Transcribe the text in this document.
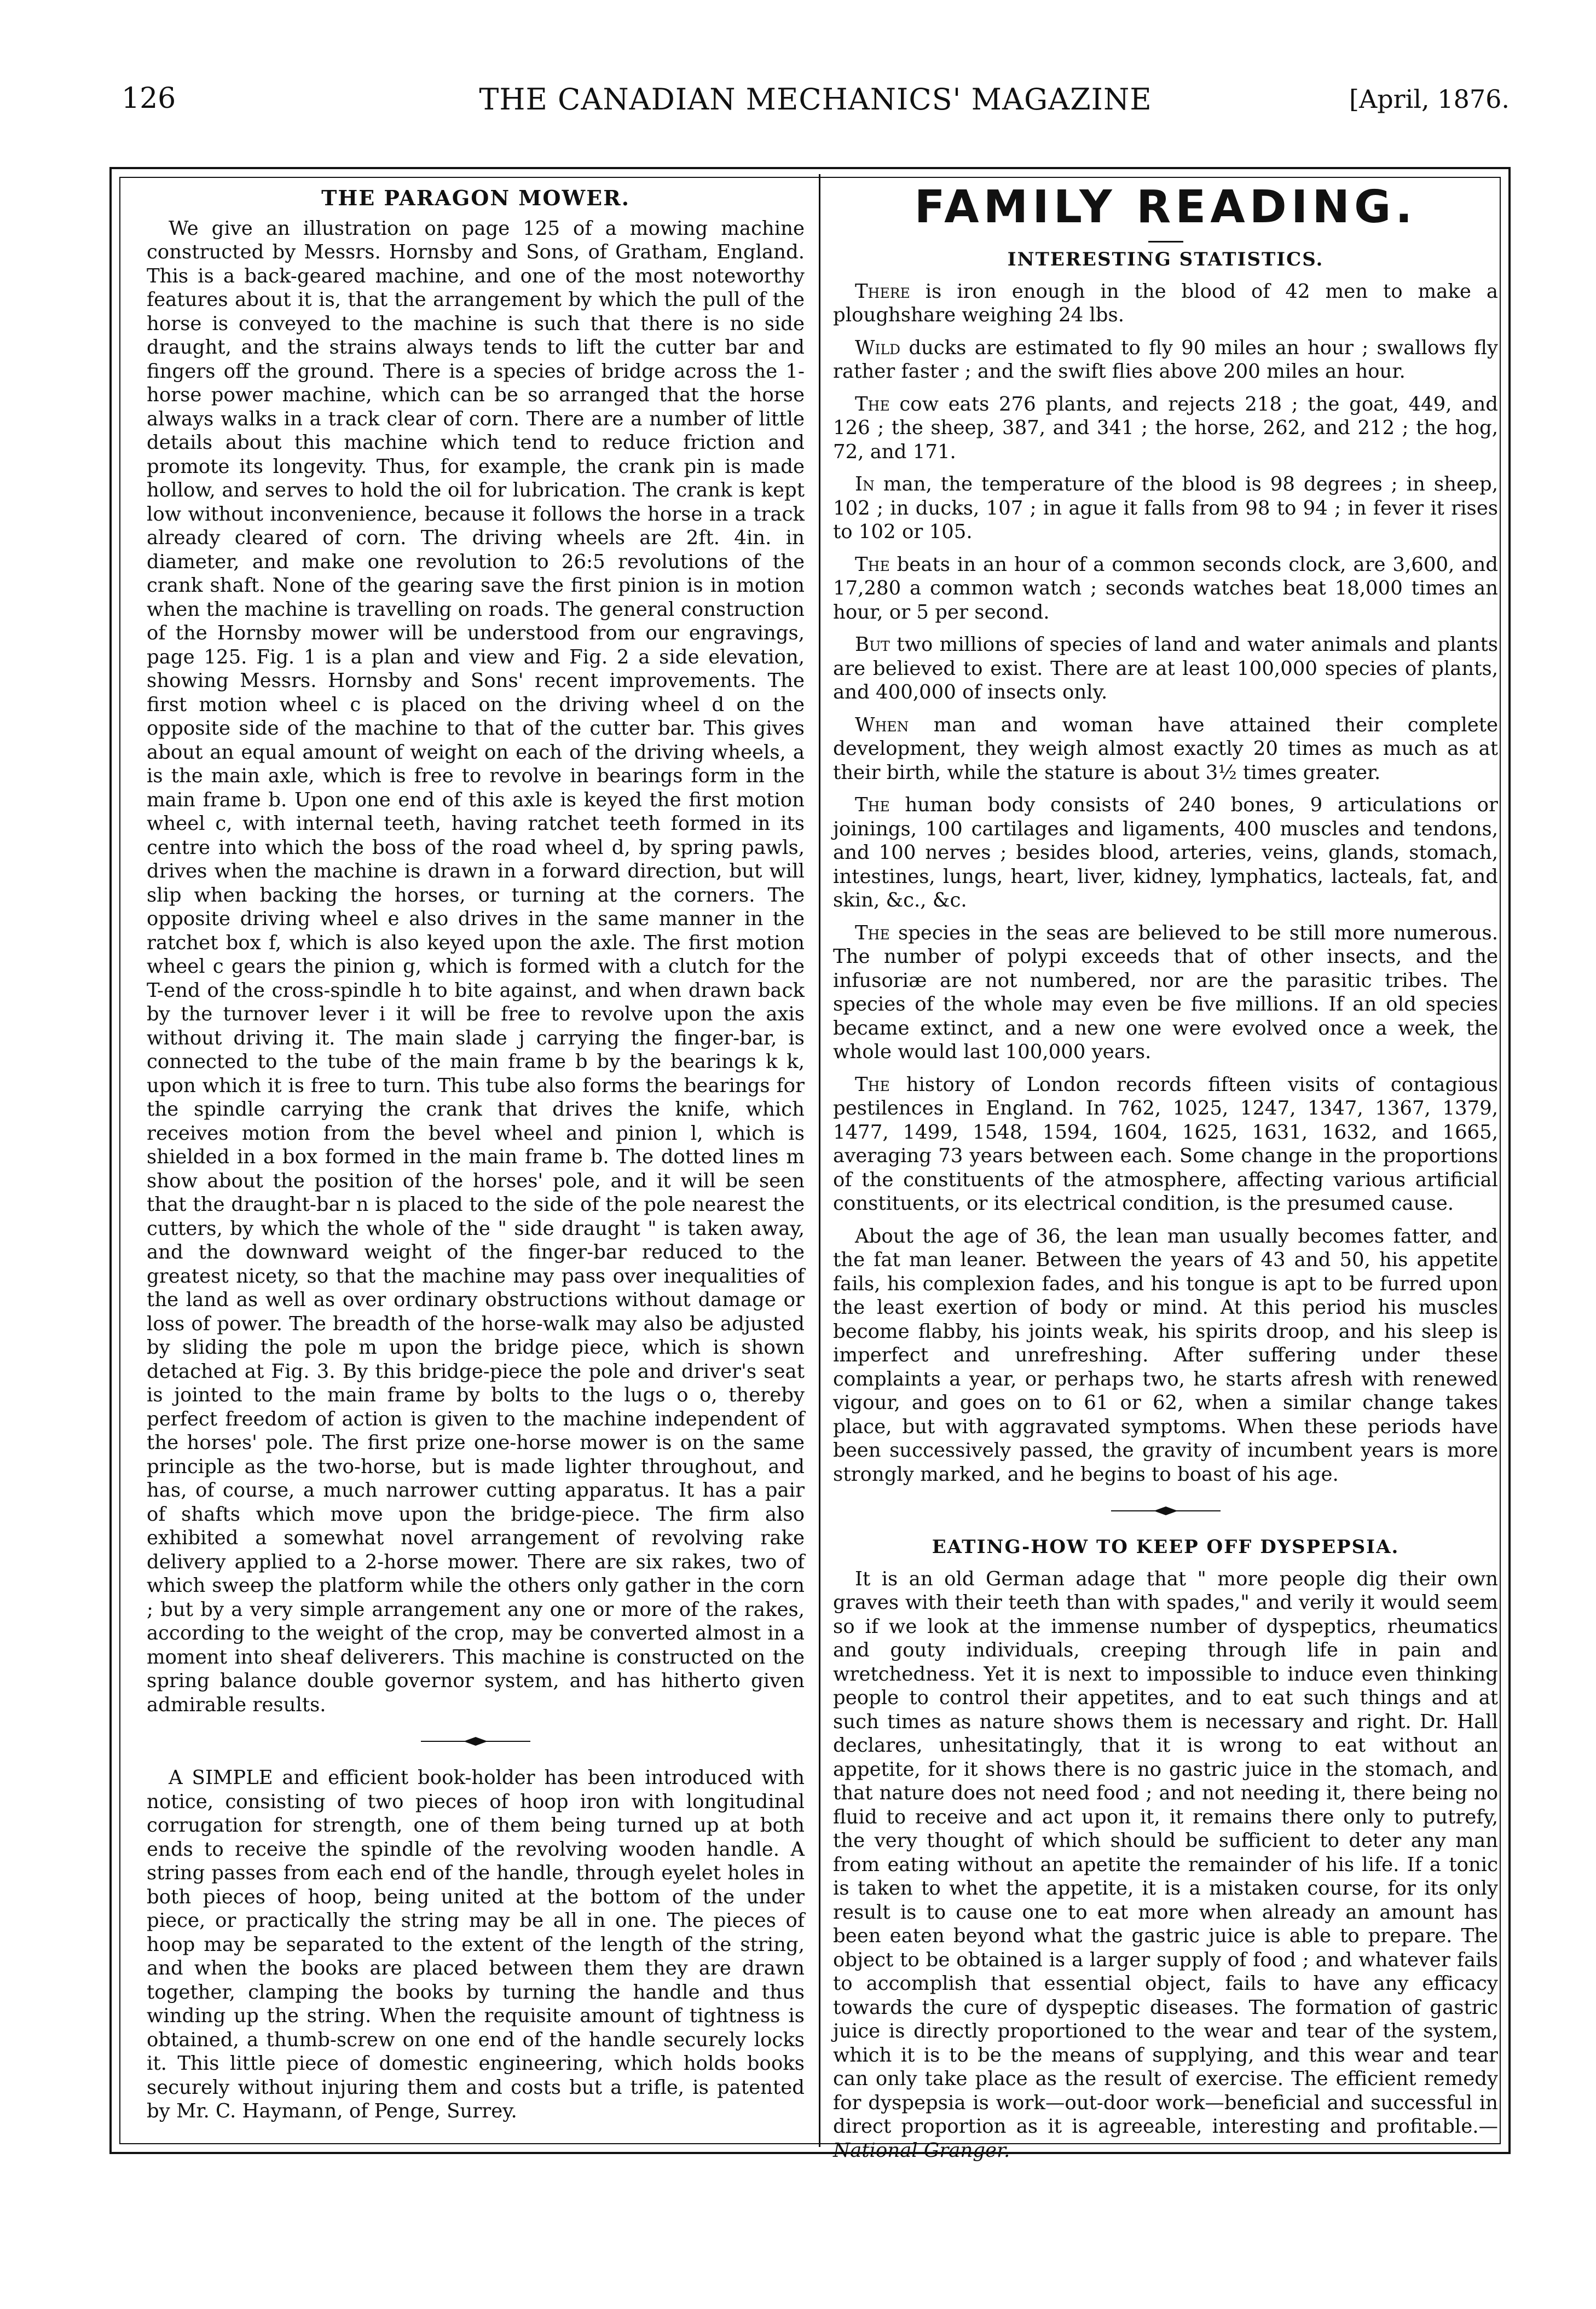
126	THE CANADIAN MECHANICS' MAGAZINE	[April, 1876.
THE PARAGON MOWER.

We give an illustration on page 125 of a mowing machine constructed by Messrs. Hornsby and Sons, of Gratham, England. This is a back-geared machine, and one of the most noteworthy features about it is, that the arrangement by which the pull of the horse is conveyed to the machine is such that there is no side draught, and the strains always tends to lift the cutter bar and fingers off the ground. There is a species of bridge across the 1-horse power machine, which can be so arranged that the horse always walks in a track clear of corn. There are a number of little details about this machine which tend to reduce friction and promote its longevity. Thus, for example, the crank pin is made hollow, and serves to hold the oil for lubrication. The crank is kept low without inconvenience, because it follows the horse in a track already cleared of corn. The driving wheels are 2ft. 4in. in diameter, and make one revolution to 26:5 revolutions of the crank shaft. None of the gearing save the first pinion is in motion when the machine is travelling on roads. The general construction of the Hornsby mower will be understood from our engravings, page 125. Fig. 1 is a plan and view and Fig. 2 a side elevation, showing Messrs. Hornsby and Sons' recent improvements. The first motion wheel c is placed on the driving wheel d on the opposite side of the machine to that of the cutter bar. This gives about an equal amount of weight on each of the driving wheels, a is the main axle, which is free to revolve in bearings form in the main frame b. Upon one end of this axle is keyed the first motion wheel c, with internal teeth, having ratchet teeth formed in its centre into which the boss of the road wheel d, by spring pawls, drives when the machine is drawn in a forward direction, but will slip when backing the horses, or turning at the corners. The opposite driving wheel e also drives in the same manner in the ratchet box f, which is also keyed upon the axle. The first motion wheel c gears the pinion g, which is formed with a clutch for the T-end of the cross-spindle h to bite against, and when drawn back by the turnover lever i it will be free to revolve upon the axis without driving it. The main slade j carrying the finger-bar, is connected to the tube of the main frame b by the bearings k k, upon which it is free to turn. This tube also forms the bearings for the spindle carrying the crank that drives the knife, which receives motion from the bevel wheel and pinion l, which is shielded in a box formed in the main frame b. The dotted lines m show about the position of the horses' pole, and it will be seen that the draught-bar n is placed to the side of the pole nearest the cutters, by which the whole of the " side draught " is taken away, and the downward weight of the finger-bar reduced to the greatest nicety, so that the machine may pass over inequalities of the land as well as over ordinary obstructions without damage or loss of power. The breadth of the horse-walk may also be adjusted by sliding the pole m upon the bridge piece, which is shown detached at Fig. 3. By this bridge-piece the pole and driver's seat is jointed to the main frame by bolts to the lugs o o, thereby perfect freedom of action is given to the machine independent of the horses' pole. The first prize one-horse mower is on the same principle as the two-horse, but is made lighter throughout, and has, of course, a much narrower cutting apparatus. It has a pair of shafts which move upon the bridge-piece. The firm also exhibited a somewhat novel arrangement of revolving rake delivery applied to a 2-horse mower. There are six rakes, two of which sweep the platform while the others only gather in the corn ; but by a very simple arrangement any one or more of the rakes, according to the weight of the crop, may be converted almost in a moment into sheaf deliverers. This machine is constructed on the spring balance double governor system, and has hitherto given admirable results.

A SIMPLE and efficient book-holder has been introduced with notice, consisting of two pieces of hoop iron with longitudinal corrugation for strength, one of them being turned up at both ends to receive the spindle of the revolving wooden handle. A string passes from each end of the handle, through eyelet holes in both pieces of hoop, being united at the bottom of the under piece, or practically the string may be all in one. The pieces of hoop may be separated to the extent of the length of the string, and when the books are placed between them they are drawn together, clamping the books by turning the handle and thus winding up the string. When the requisite amount of tightness is obtained, a thumb-screw on one end of the handle securely locks it. This little piece of domestic engineering, which holds books securely without injuring them and costs but a trifle, is patented by Mr. C. Haymann, of Penge, Surrey.

FAMILY READING.
INTERESTING STATISTICS.

There is iron enough in the blood of 42 men to make a ploughshare weighing 24 lbs.

Wild ducks are estimated to fly 90 miles an hour ; swallows fly rather faster ; and the swift flies above 200 miles an hour.

The cow eats 276 plants, and rejects 218 ; the goat, 449, and 126 ; the sheep, 387, and 341 ; the horse, 262, and 212 ; the hog, 72, and 171.

In man, the temperature of the blood is 98 degrees ; in sheep, 102 ; in ducks, 107 ; in ague it falls from 98 to 94 ; in fever it rises to 102 or 105.

The beats in an hour of a common seconds clock, are 3,600, and 17,280 a common watch ; seconds watches beat 18,000 times an hour, or 5 per second.

But two millions of species of land and water animals and plants are believed to exist. There are at least 100,000 species of plants, and 400,000 of insects only.

When man and woman have attained their complete development, they weigh almost exactly 20 times as much as at their birth, while the stature is about 3½ times greater.

The human body consists of 240 bones, 9 articulations or joinings, 100 cartilages and ligaments, 400 muscles and tendons, and 100 nerves ; besides blood, arteries, veins, glands, stomach, intestines, lungs, heart, liver, kidney, lymphatics, lacteals, fat, and skin, &c., &c.

The species in the seas are believed to be still more numerous. The number of polypi exceeds that of other insects, and the infusoriæ are not numbered, nor are the parasitic tribes. The species of the whole may even be five millions. If an old species became extinct, and a new one were evolved once a week, the whole would last 100,000 years.

The history of London records fifteen visits of contagious pestilences in England. In 762, 1025, 1247, 1347, 1367, 1379, 1477, 1499, 1548, 1594, 1604, 1625, 1631, 1632, and 1665, averaging 73 years between each. Some change in the proportions of the constituents of the atmosphere, affecting various artificial constituents, or its electrical condition, is the presumed cause.

About the age of 36, the lean man usually becomes fatter, and the fat man leaner. Between the years of 43 and 50, his appetite fails, his complexion fades, and his tongue is apt to be furred upon the least exertion of body or mind. At this period his muscles become flabby, his joints weak, his spirits droop, and his sleep is imperfect and unrefreshing. After suffering under these complaints a year, or perhaps two, he starts afresh with renewed vigour, and goes on to 61 or 62, when a similar change takes place, but with aggravated symptoms. When these periods have been successively passed, the gravity of incumbent years is more strongly marked, and he begins to boast of his age.

EATING-HOW TO KEEP OFF DYSPEPSIA.

It is an old German adage that " more people dig their own graves with their teeth than with spades," and verily it would seem so if we look at the immense number of dyspeptics, rheumatics and gouty individuals, creeping through life in pain and wretchedness. Yet it is next to impossible to induce even thinking people to control their appetites, and to eat such things and at such times as nature shows them is necessary and right. Dr. Hall declares, unhesitatingly, that it is wrong to eat without an appetite, for it shows there is no gastric juice in the stomach, and that nature does not need food ; and not needing it, there being no fluid to receive and act upon it, it remains there only to putrefy, the very thought of which should be sufficient to deter any man from eating without an apetite the remainder of his life. If a tonic is taken to whet the appetite, it is a mistaken course, for its only result is to cause one to eat more when already an amount has been eaten beyond what the gastric juice is able to prepare. The object to be obtained is a larger supply of food ; and whatever fails to accomplish that essential object, fails to have any efficacy towards the cure of dyspeptic diseases. The formation of gastric juice is directly proportioned to the wear and tear of the system, which it is to be the means of supplying, and this wear and tear can only take place as the result of exercise. The efficient remedy for dyspepsia is work—out-door work—beneficial and successful in direct proportion as it is agreeable, interesting and profitable.—National Granger.
